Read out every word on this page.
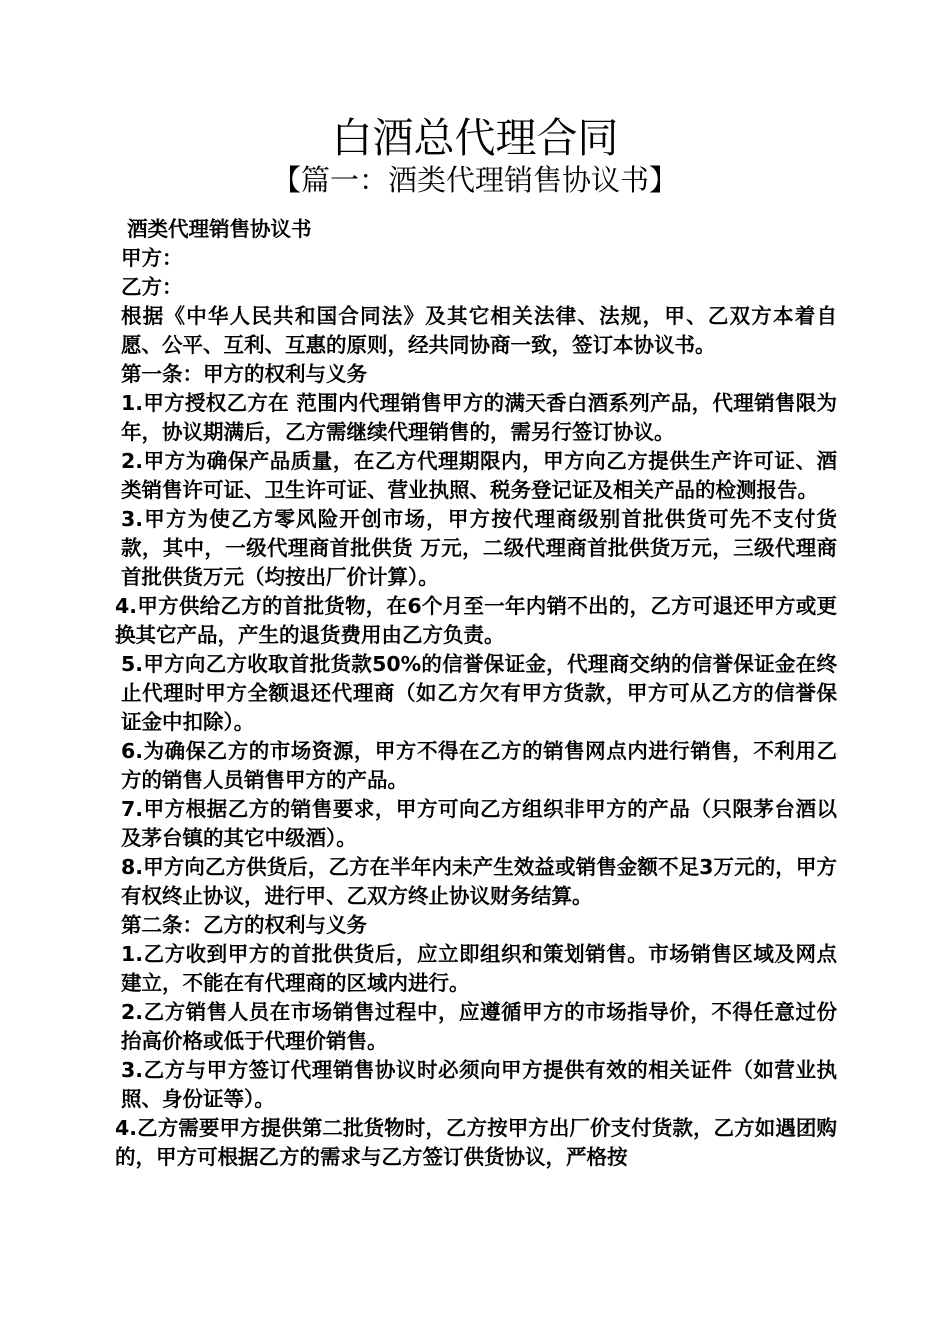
白酒总代理合同
【篇一：酒类代理销售协议书】

酒类代理销售协议书

甲方：

乙方：

根据《中华人民共和国合同法》及其它相关法律、法规，甲、乙双方本着自愿、公平、互利、互惠的原则，经共同协商一致，签订本协议书。

第一条：甲方的权利与义务

1.甲方授权乙方在 范围内代理销售甲方的满天香白酒系列产品，代理销售限为年，协议期满后，乙方需继续代理销售的，需另行签订协议。

2.甲方为确保产品质量，在乙方代理期限内，甲方向乙方提供生产许可证、酒类销售许可证、卫生许可证、营业执照、税务登记证及相关产品的检测报告。

3.甲方为使乙方零风险开创市场，甲方按代理商级别首批供货可先不支付货款，其中，一级代理商首批供货 万元，二级代理商首批供货万元，三级代理商首批供货万元（均按出厂价计算）。

4.甲方供给乙方的首批货物，在6个月至一年内销不出的，乙方可退还甲方或更换其它产品，产生的退货费用由乙方负责。

5.甲方向乙方收取首批货款50%的信誉保证金，代理商交纳的信誉保证金在终止代理时甲方全额退还代理商（如乙方欠有甲方货款，甲方可从乙方的信誉保证金中扣除）。

6.为确保乙方的市场资源，甲方不得在乙方的销售网点内进行销售，不利用乙方的销售人员销售甲方的产品。

7.甲方根据乙方的销售要求，甲方可向乙方组织非甲方的产品（只限茅台酒以及茅台镇的其它中级酒）。

8.甲方向乙方供货后，乙方在半年内未产生效益或销售金额不足3万元的，甲方有权终止协议，进行甲、乙双方终止协议财务结算。

第二条：乙方的权利与义务

1.乙方收到甲方的首批供货后，应立即组织和策划销售。市场销售区域及网点建立，不能在有代理商的区域内进行。

2.乙方销售人员在市场销售过程中，应遵循甲方的市场指导价，不得任意过份抬高价格或低于代理价销售。

3.乙方与甲方签订代理销售协议时必须向甲方提供有效的相关证件（如营业执照、身份证等）。

4.乙方需要甲方提供第二批货物时，乙方按甲方出厂价支付货款，乙方如遇团购的，甲方可根据乙方的需求与乙方签订供货协议，严格按
